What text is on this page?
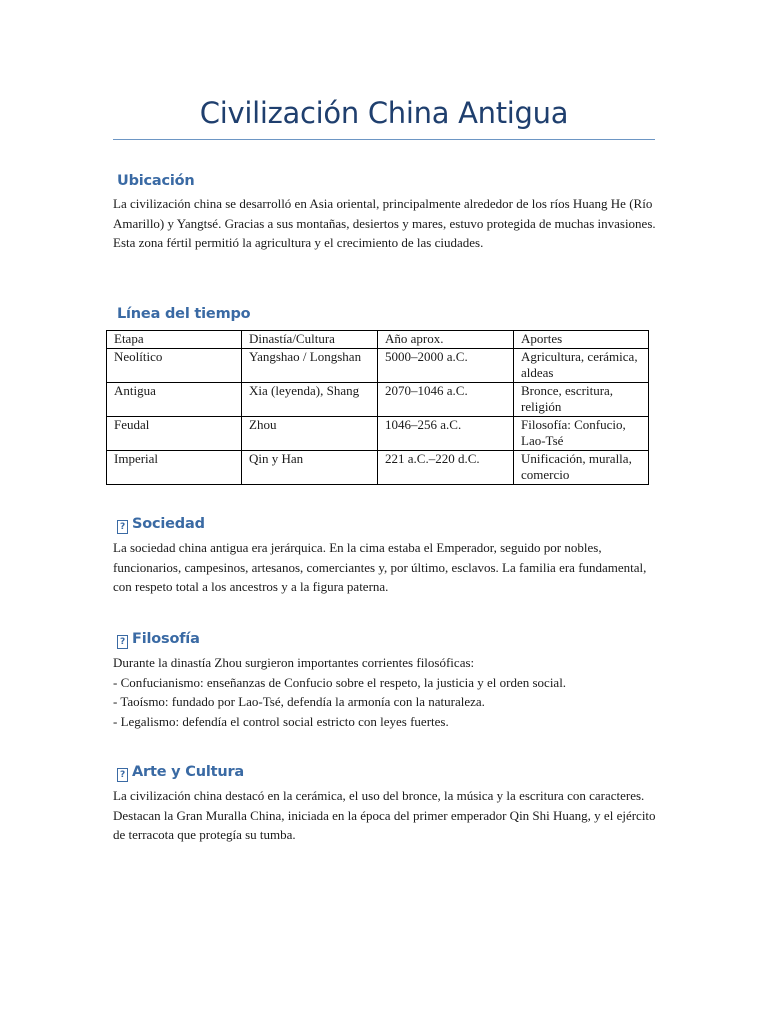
Civilización China Antigua
Ubicación

La civilización china se desarrolló en Asia oriental, principalmente alrededor de los ríos Huang He (Río Amarillo) y Yangtsé. Gracias a sus montañas, desiertos y mares, estuvo protegida de muchas invasiones. Esta zona fértil permitió la agricultura y el crecimiento de las ciudades.

Línea del tiempo
Etapa	Dinastía/Cultura	Año aprox.	Aportes
Neolítico	Yangshao / Longshan	5000–2000 a.C.	Agricultura, cerámica, aldeas
Antigua	Xia (leyenda), Shang	2070–1046 a.C.	Bronce, escritura, religión
Feudal	Zhou	1046–256 a.C.	Filosofía: Confucio, Lao-Tsé
Imperial	Qin y Han	221 a.C.–220 d.C.	Unificación, muralla, comercio
? Sociedad

La sociedad china antigua era jerárquica. En la cima estaba el Emperador, seguido por nobles, funcionarios, campesinos, artesanos, comerciantes y, por último, esclavos. La familia era fundamental, con respeto total a los ancestros y a la figura paterna.

? Filosofía

Durante la dinastía Zhou surgieron importantes corrientes filosóficas:

- Confucianismo: enseñanzas de Confucio sobre el respeto, la justicia y el orden social.

- Taoísmo: fundado por Lao-Tsé, defendía la armonía con la naturaleza.

- Legalismo: defendía el control social estricto con leyes fuertes.

? Arte y Cultura

La civilización china destacó en la cerámica, el uso del bronce, la música y la escritura con caracteres. Destacan la Gran Muralla China, iniciada en la época del primer emperador Qin Shi Huang, y el ejército de terracota que protegía su tumba.
